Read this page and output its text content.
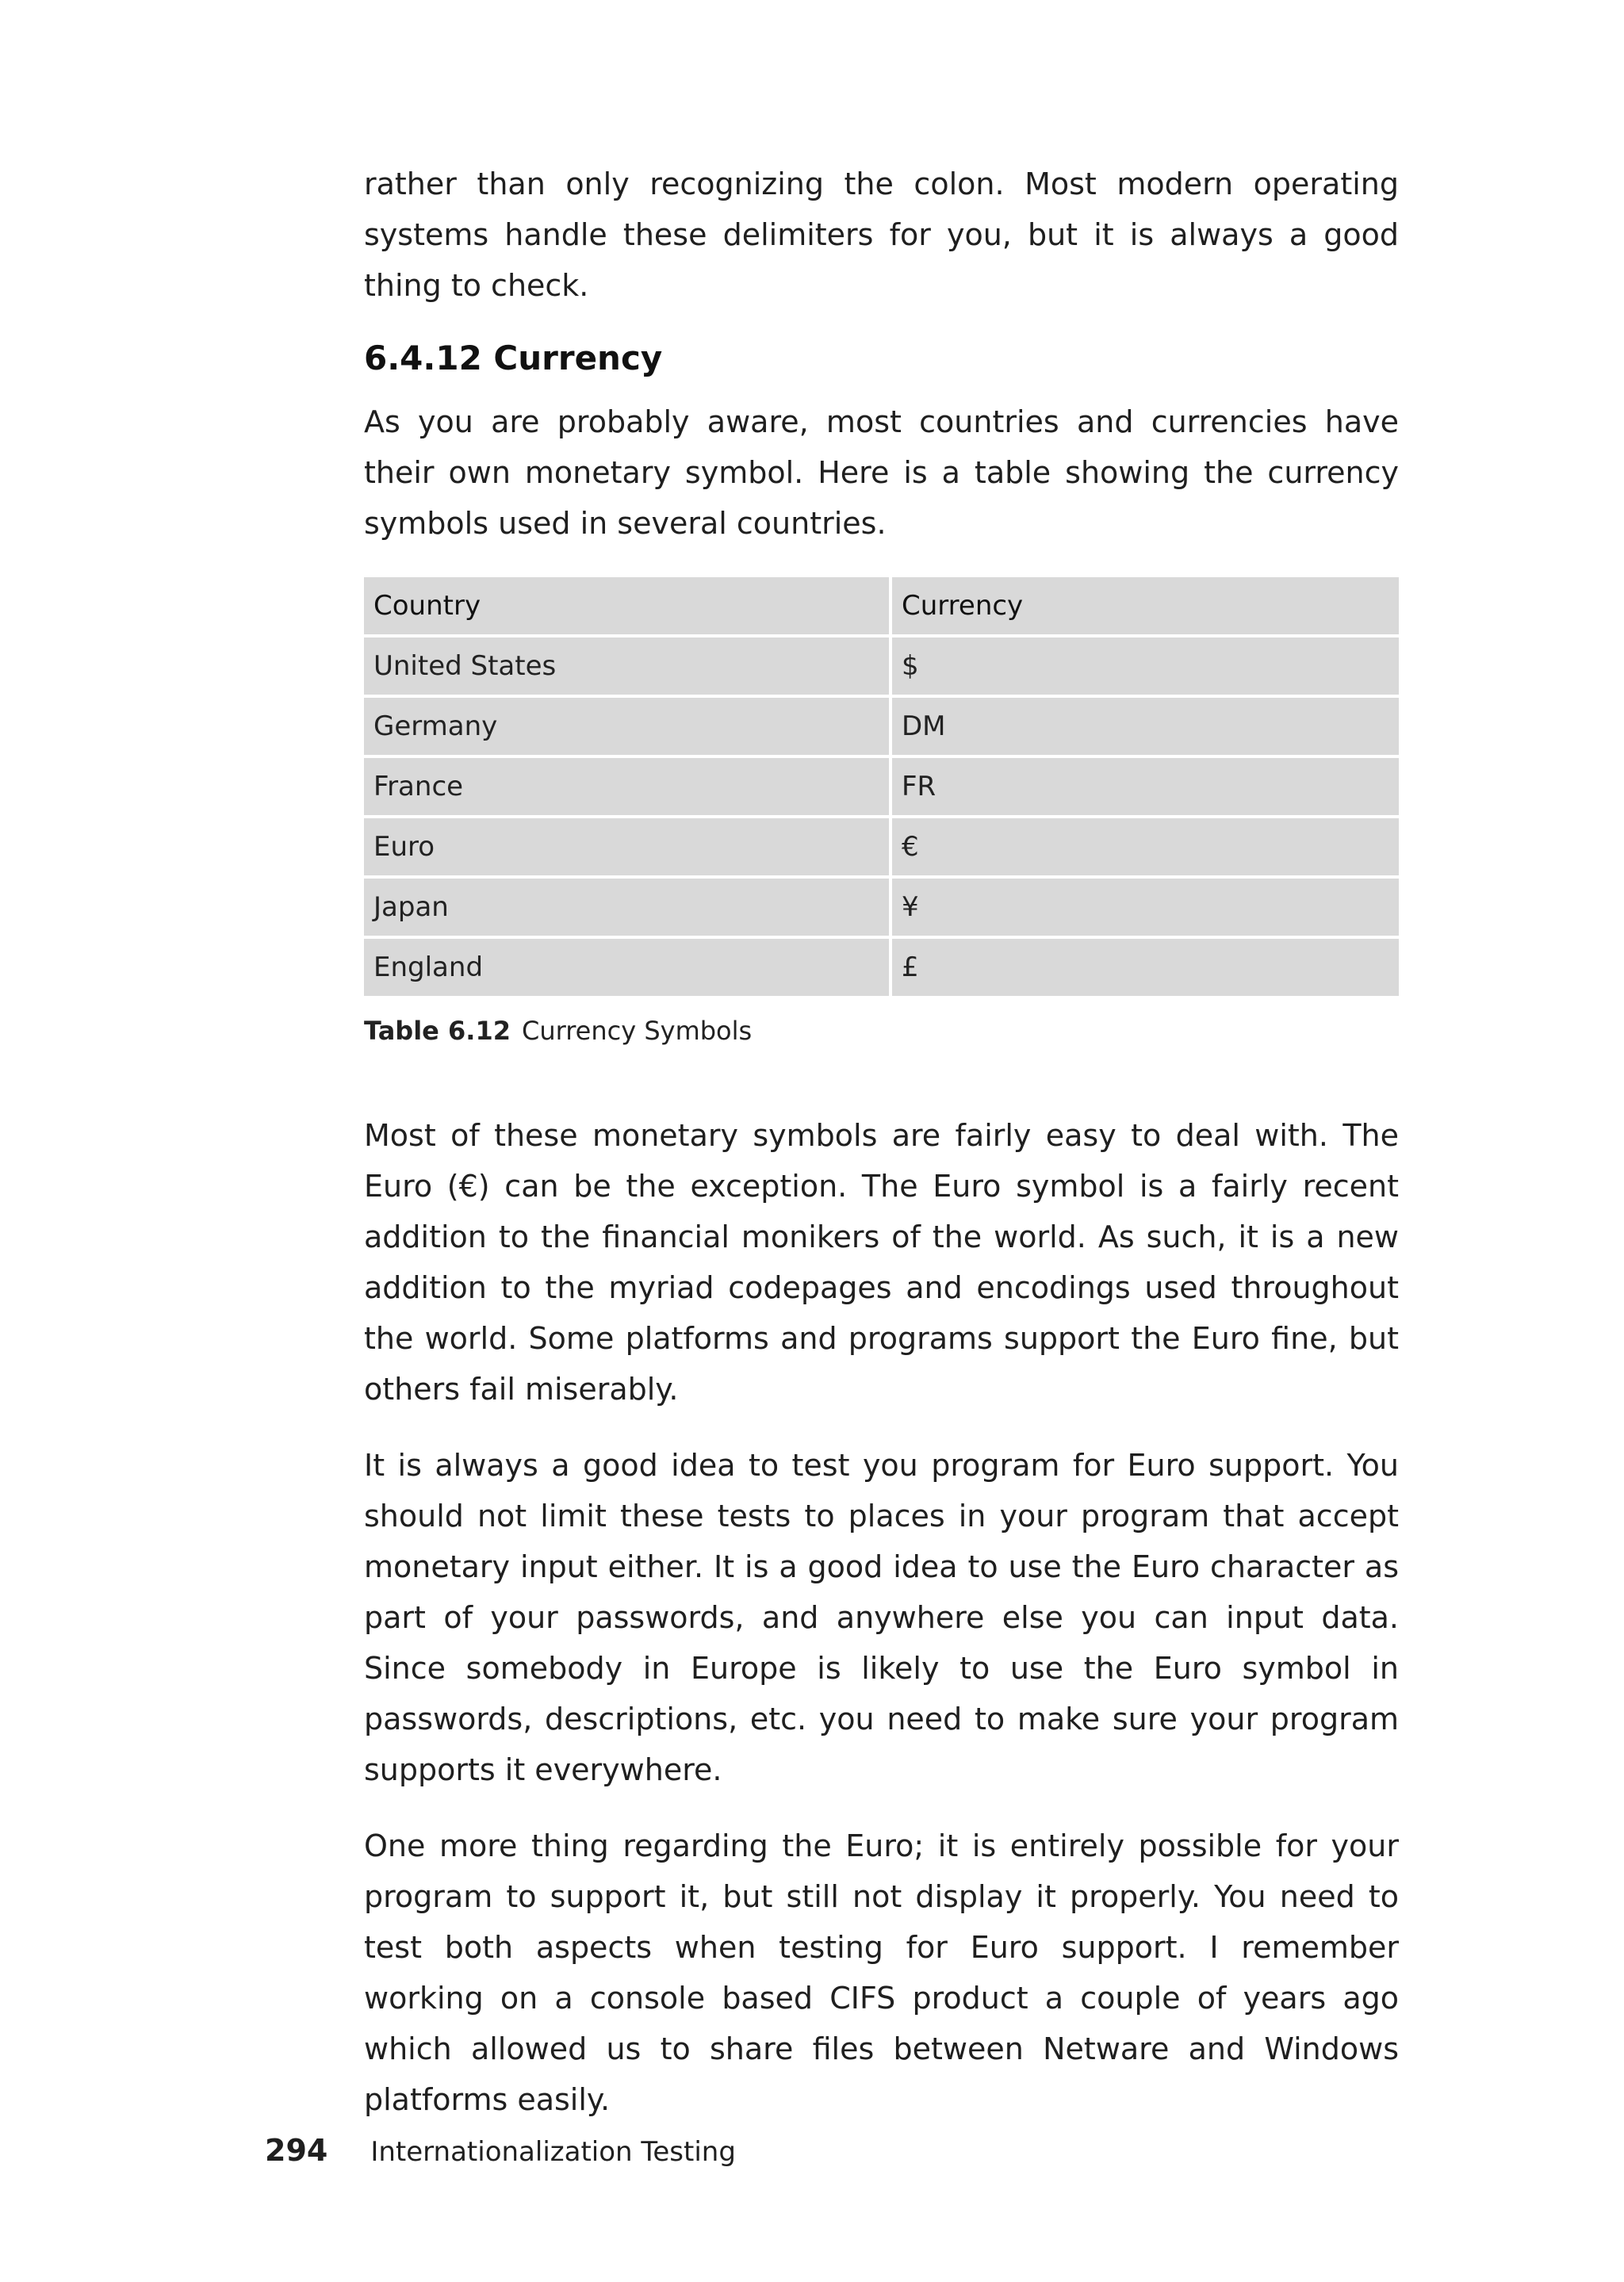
rather than only recognizing the colon. Most modern operating systems handle these delimiters for you, but it is always a good thing to check.

6.4.12 Currency

As you are probably aware, most countries and currencies have their own monetary symbol. Here is a table showing the currency symbols used in several countries.

Country	Currency
United States	$
Germany	DM
France	FR
Euro	€
Japan	¥
England	£
Table 6.12 Currency Symbols

Most of these monetary symbols are fairly easy to deal with. The Euro (€) can be the exception. The Euro symbol is a fairly recent addition to the financial monikers of the world. As such, it is a new addition to the myriad codepages and encodings used throughout the world. Some platforms and programs support the Euro fine, but others fail miserably.

It is always a good idea to test you program for Euro support. You should not limit these tests to places in your program that accept monetary input either. It is a good idea to use the Euro character as part of your passwords, and anywhere else you can input data. Since somebody in Europe is likely to use the Euro symbol in passwords, descriptions, etc. you need to make sure your program supports it everywhere.

One more thing regarding the Euro; it is entirely possible for your program to support it, but still not display it properly. You need to test both aspects when testing for Euro support. I remember working on a console based CIFS product a couple of years ago which allowed us to share files between Netware and Windows platforms easily.

294 Internationalization Testing
